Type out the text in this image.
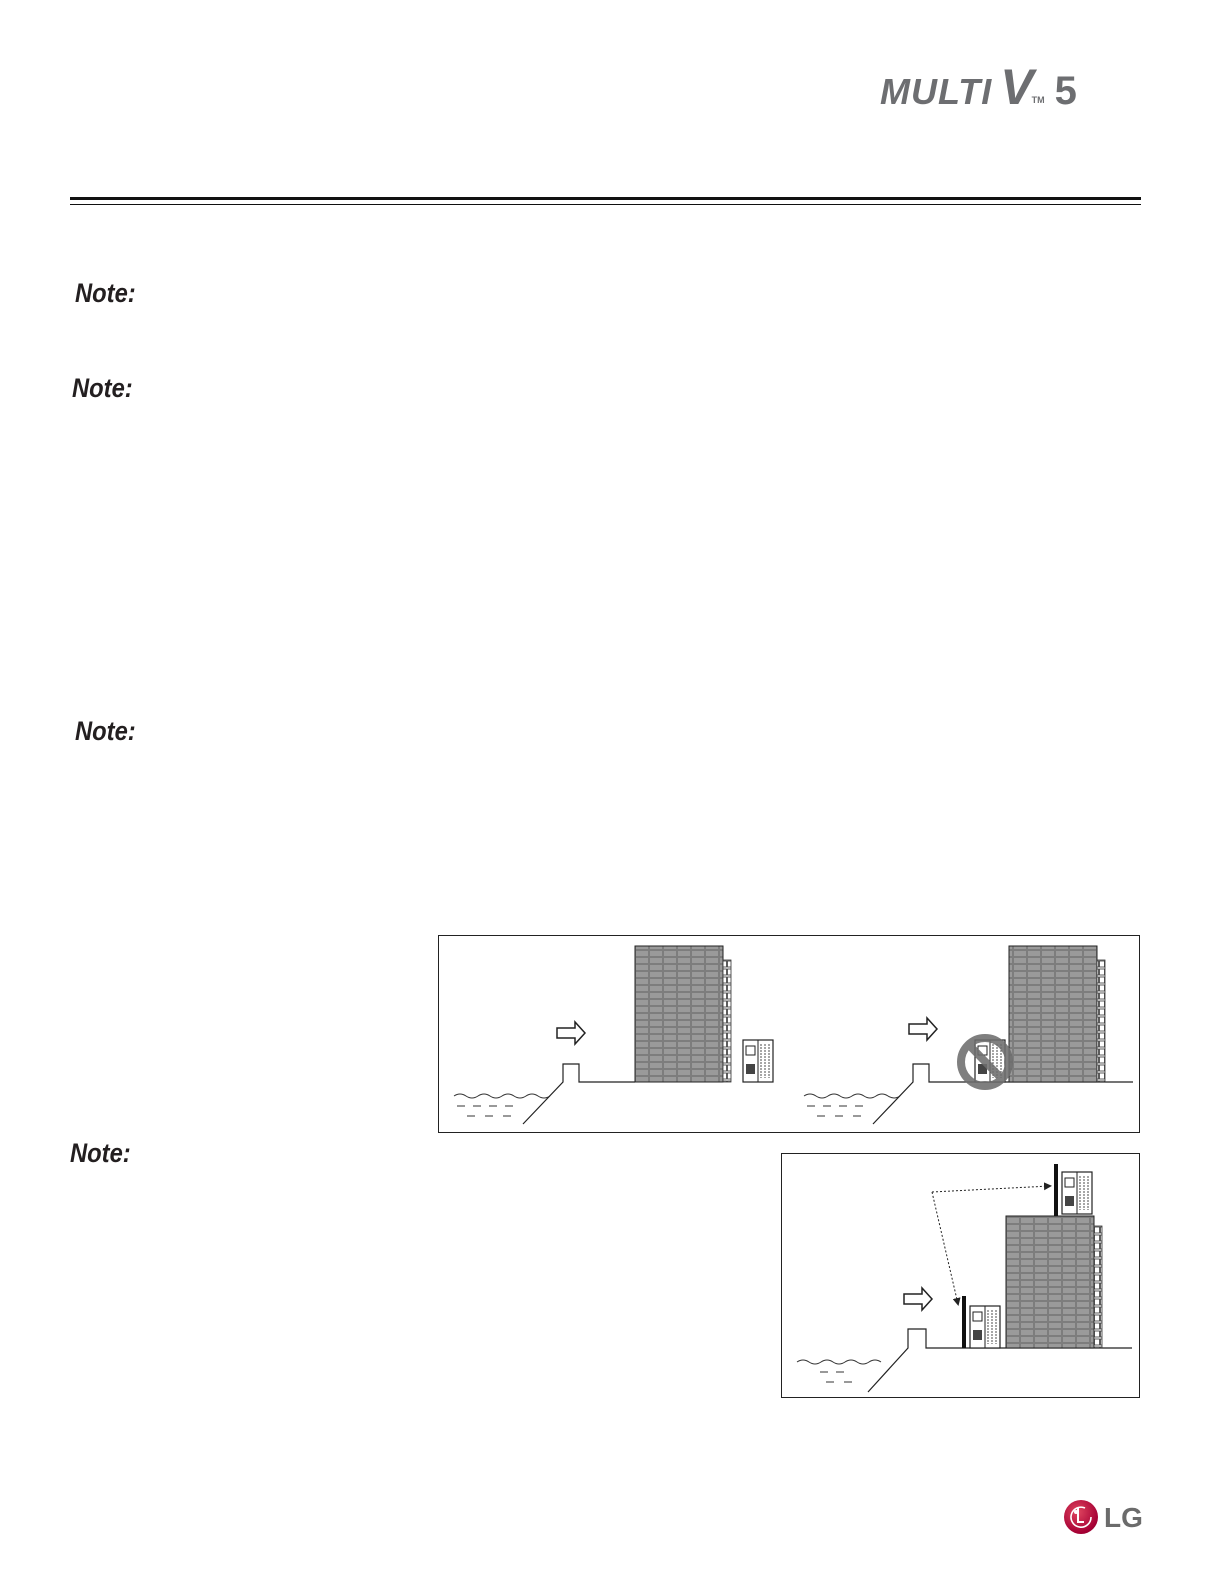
MULTI VTM 5
Note:
Note:
Note:
Note:
LG
